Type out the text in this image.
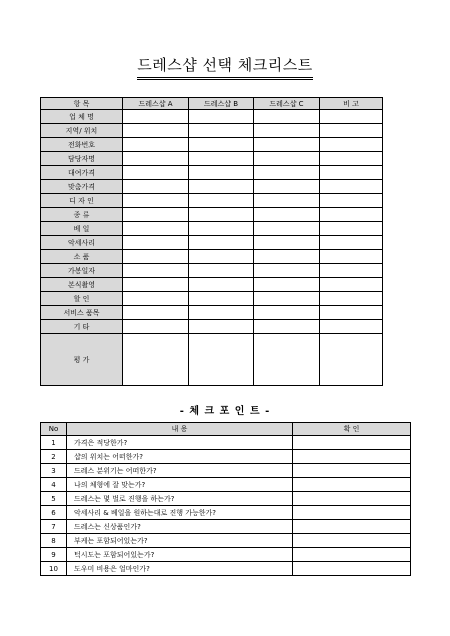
드레스샵 선택 체크리스트
항 목	드레스샵 A	드레스샵 B	드레스샵 C	비 고
업 체 명				
지역/ 위치				
전화번호				
담당자명				
대여가격				
맞춤가격				
디 자 인				
종 류				
베 일				
악세사리				
소 품				
가봉일자				
본식촬영				
할 인				
서비스 품목				
기 타				
평 가				
- 체 크 포 인 트 -
No	내 용	확 인
1	가격은 적당한가?	
2	샵의 위치는 어떠한가?	
3	드레스 분위기는 어떠한가?	
4	나의 체형에 잘 맞는가?	
5	드레스는 몇 벌로 진행을 하는가?	
6	악세사리 & 베일을 원하는대로 진행 가능한가?	
7	드레스는 신상품인가?	
8	부케는 포함되어있는가?	
9	턱시도는 포함되어있는가?	
10	도우미 비용은 얼마인가?	
